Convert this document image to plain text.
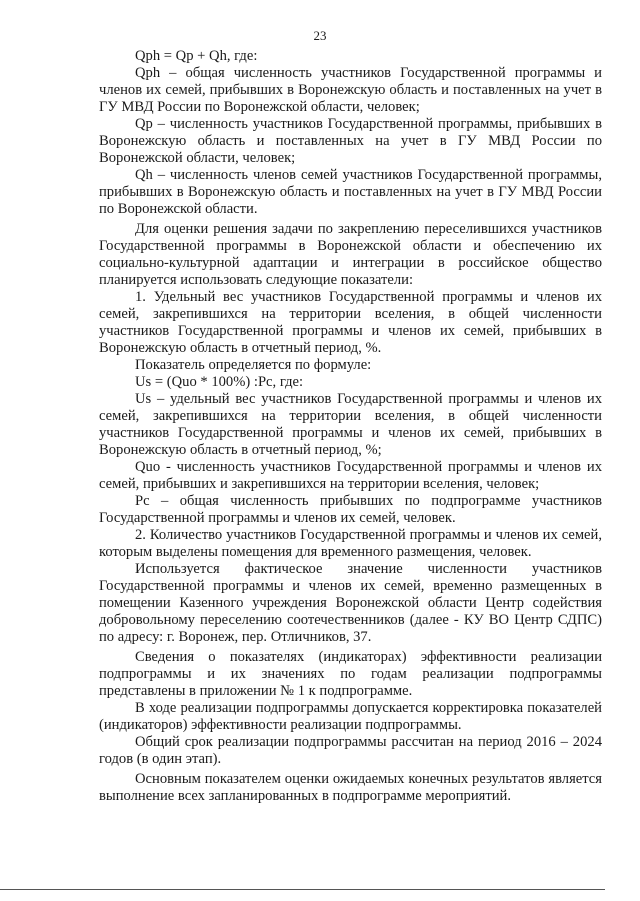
23

Qph = Qp + Qh, где:

Qph – общая численность участников Государственной программы и членов их семей, прибывших в Воронежскую область и поставленных на учет в ГУ МВД России по Воронежской области, человек;

Qp – численность участников Государственной программы, прибывших в Воронежскую область и поставленных на учет в ГУ МВД России по Воронежской области, человек;

Qh – численность членов семей участников Государственной программы, прибывших в Воронежскую область и поставленных на учет в ГУ МВД России по Воронежской области.

Для оценки решения задачи по закреплению переселившихся участников Государственной программы в Воронежской области и обеспечению их социально-культурной адаптации и интеграции в российское общество планируется использовать следующие показатели:

1. Удельный вес участников Государственной программы и членов их семей, закрепившихся на территории вселения, в общей численности участников Государственной программы и членов их семей, прибывших в Воронежскую область в отчетный период, %.

Показатель определяется по формуле:

Us = (Quo * 100%) :Pc, где:

Us – удельный вес участников Государственной программы и членов их семей, закрепившихся на территории вселения, в общей численности участников Государственной программы и членов их семей, прибывших в Воронежскую область в отчетный период, %;

Quo - численность участников Государственной программы и членов их семей, прибывших и закрепившихся на территории вселения, человек;

Pc – общая численность прибывших по подпрограмме участников Государственной программы и членов их семей, человек.

2. Количество участников Государственной программы и членов их семей, которым выделены помещения для временного размещения, человек.

Используется фактическое значение численности участников Государственной программы и членов их семей, временно размещенных в помещении Казенного учреждения Воронежской области Центр содействия добровольному переселению соотечественников (далее - КУ ВО Центр СДПС) по адресу: г. Воронеж, пер. Отличников, 37.

Сведения о показателях (индикаторах) эффективности реализации подпрограммы и их значениях по годам реализации подпрограммы представлены в приложении № 1 к подпрограмме.

В ходе реализации подпрограммы допускается корректировка показателей (индикаторов) эффективности реализации подпрограммы.

Общий срок реализации подпрограммы рассчитан на период 2016 – 2024 годов (в один этап).

Основным показателем оценки ожидаемых конечных результатов является выполнение всех запланированных в подпрограмме мероприятий.
